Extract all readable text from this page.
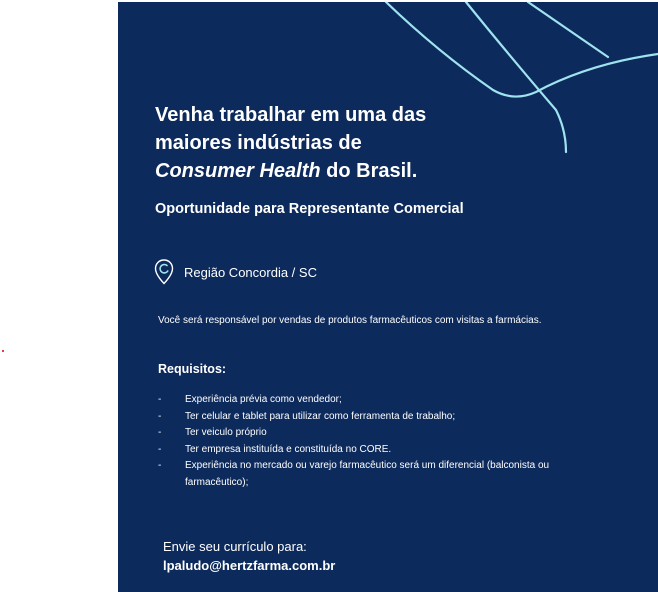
Venha trabalhar em uma das
maiores indústrias de
Consumer Health do Brasil.
Oportunidade para Representante Comercial
Região Concordia / SC
Você será responsável por vendas de produtos farmacêuticos com visitas a farmácias.
Requisitos:
-	Experiência prévia como vendedor;
-	Ter celular e tablet para utilizar como ferramenta de trabalho;
-	Ter veiculo próprio
-	Ter empresa instituída e constituída no CORE.
-	Experiência no mercado ou varejo farmacêutico será um diferencial (balconista ou farmacêutico);
Envie seu currículo para:
lpaludo@hertzfarma.com.br
